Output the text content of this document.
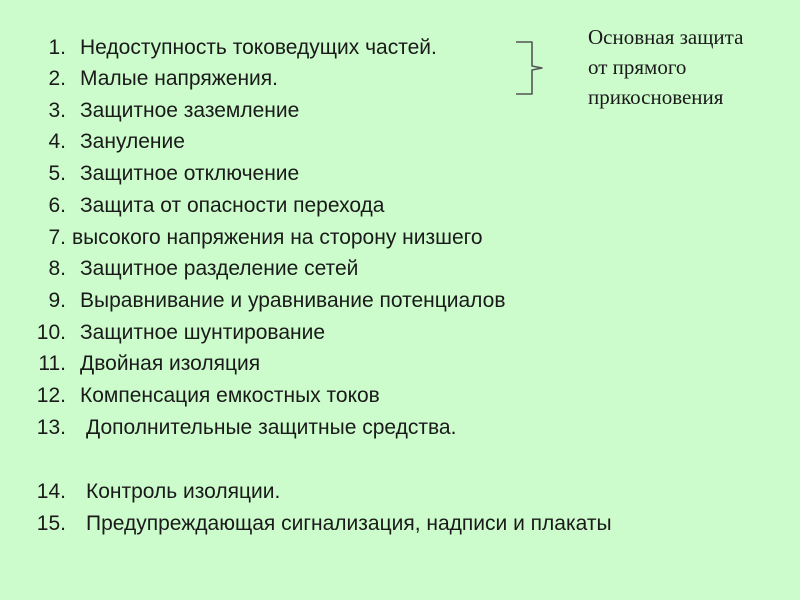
1. Недоступность токоведущих частей.
2. Малые напряжения.
3. Защитное заземление
4. Зануление
5. Защитное отключение
6. Защита от опасности перехода
7. высокого напряжения на сторону низшего
8. Защитное разделение сетей
9. Выравнивание и уравнивание потенциалов
10. Защитное шунтирование
11. Двойная изоляция
12. Компенсация емкостных токов
13. Дополнительные защитные средства.
14. Контроль изоляции.
15. Предупреждающая сигнализация, надписи и плакаты
Основная защита
от прямого
прикосновения
